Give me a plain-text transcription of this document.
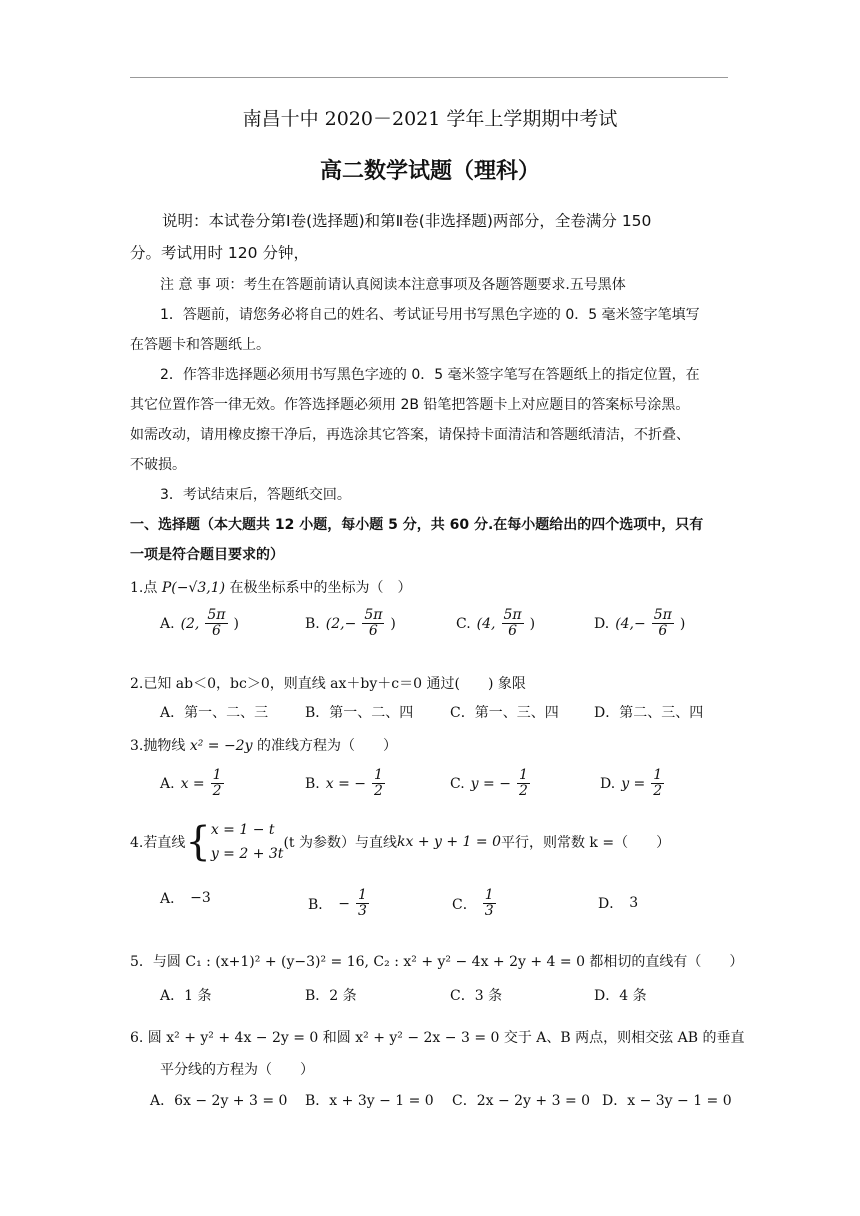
南昌十中 2020－2021 学年上学期期中考试
高二数学试题（理科）
说明：本试卷分第Ⅰ卷(选择题)和第Ⅱ卷(非选择题)两部分，全卷满分 150
分。考试用时 120 分钟，
注 意 事 项：考生在答题前请认真阅读本注意事项及各题答题要求.五号黑体
1．答题前，请您务必将自己的姓名、考试证号用书写黑色字迹的 0．5 毫米签字笔填写
在答题卡和答题纸上。
2．作答非选择题必须用书写黑色字迹的 0．5 毫米签字笔写在答题纸上的指定位置，在
其它位置作答一律无效。作答选择题必须用 2B 铅笔把答题卡上对应题目的答案标号涂黑。
如需改动，请用橡皮擦干净后，再选涂其它答案，请保持卡面清洁和答题纸清洁，不折叠、
不破损。
3．考试结束后，答题纸交回。
一、选择题（本大题共 12 小题，每小题 5 分，共 60 分.在每小题给出的四个选项中，只有
一项是符合题目要求的）
1.点 P(−√3,1) 在极坐标系中的坐标为（　）
A. (2, $\frac{5\pi}{6}$ )	B. ($2,- \frac{5\pi}{6}$ )	C. (4, $\frac{5\pi}{6}$ )	D. ($4,- \frac{5\pi}{6}$ )
2.已知 ab＜0，bc＞0，则直线 ax＋by＋c＝0 通过(　　) 象限
A．第一、二、三	B．第一、二、四	C．第一、三、四	D．第二、三、四
3.抛物线 x² = −2y 的准线方程为（　　）
A. $x = \frac{1}{2}$	B. x = − $\frac{1}{2}$	C. y = − $\frac{1}{2}$	D. $y = \frac{1}{2}$
4.若直线 { x = 1 − t
y = 2 + 3t
(t 为参数）与直线 kx + y + 1 = 0 平行，则常数 k =（　　）
A． −3	B． − $\frac{1}{3}$	C． $\frac{1}{3}$	D． 3
5．与圆 C₁ : (x+1)² + (y−3)² = 16, C₂ : x² + y² − 4x + 2y + 4 = 0 都相切的直线有（　　）
A．1 条	B．2 条	C．3 条	D．4 条
6. 圆 x² + y² + 4x − 2y = 0 和圆 x² + y² − 2x − 3 = 0 交于 A、B 两点，则相交弦 AB 的垂直
平分线的方程为（　　）
A．6x − 2y + 3 = 0 B．x + 3y − 1 = 0 C．2x − 2y + 3 = 0 D．x − 3y − 1 = 0
